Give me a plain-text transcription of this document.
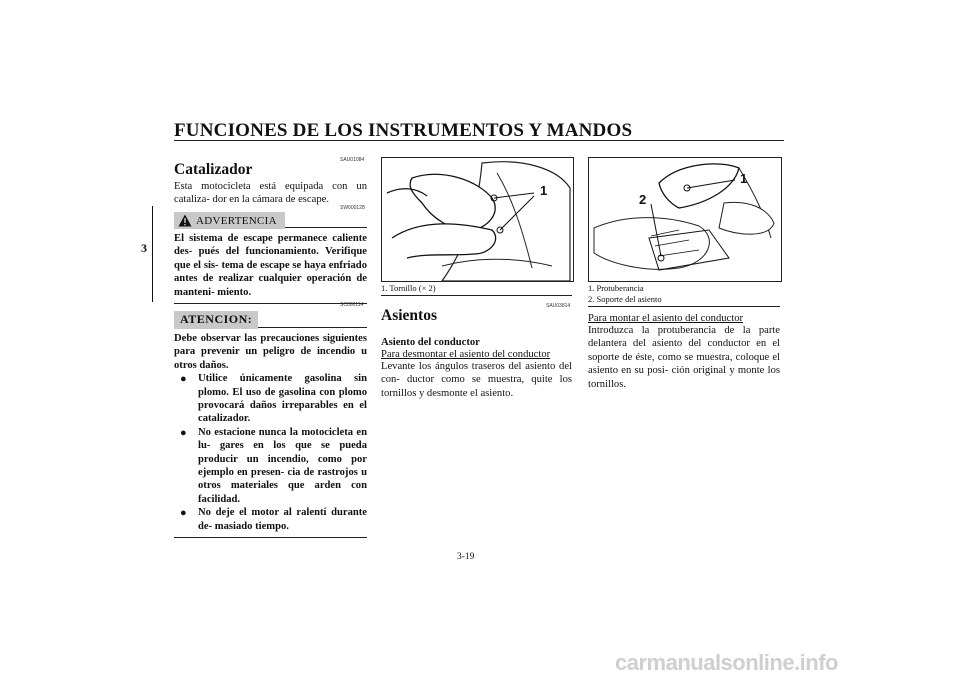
FUNCIONES DE LOS INSTRUMENTOS Y MANDOS
3
SAU01084
Catalizador
Esta motocicleta está equipada con un cataliza- dor en la cámara de escape.
SW000128
ADVERTENCIA
El sistema de escape permanece caliente des- pués del funcionamiento. Verifique que el sis- tema de escape se haya enfriado antes de realizar cualquier operación de manteni- miento.
SC000114
ATENCION:
Debe observar las precauciones siguientes para prevenir un peligro de incendio u otros daños.
● Utilice únicamente gasolina sin plomo. El uso de gasolina con plomo provocará daños irreparables en el catalizador.
● No estacione nunca la motocicleta en lu- gares en los que se pueda producir un incendio, como por ejemplo en presen- cia de rastrojos u otros materiales que arden con facilidad.
● No deje el motor al ralentí durante de- masiado tiempo.
1
1. Tornillo (× 2)
SAU03814
Asientos
Asiento del conductor
Para desmontar el asiento del conductor
Levante los ángulos traseros del asiento del con- ductor como se muestra, quite los tornillos y desmonte el asiento.
1
2
1. Protuberancia
2. Soporte del asiento
Para montar el asiento del conductor
Introduzca la protuberancia de la parte delantera del asiento del conductor en el soporte de éste, como se muestra, coloque el asiento en su posi- ción original y monte los tornillos.
3-19
carmanualsonline.info
